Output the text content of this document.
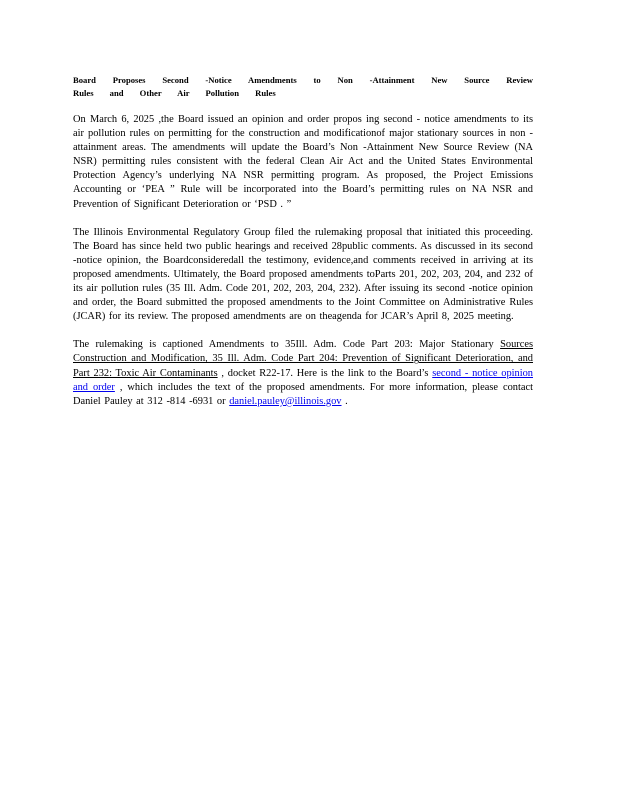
Board Proposes Second -Notice Amendments to Non -Attainment New Source Review Rules and Other Air Pollution Rules

On March 6, 2025 ,the Board issued an opinion and order propos ing second - notice amendments to its air pollution rules on permitting for the construction and modificationof major stationary sources in non -attainment areas. The amendments will update the Board’s Non -Attainment New Source Review (NA NSR) permitting rules consistent with the federal Clean Air Act and the United States Environmental Protection Agency’s underlying NA NSR permitting program. As proposed, the Project Emissions Accounting or ‘PEA ” Rule will be incorporated into the Board’s permitting rules on NA NSR and Prevention of Significant Deterioration or ‘PSD . ”

The Illinois Environmental Regulatory Group filed the rulemaking proposal that initiated this proceeding. The Board has since held two public hearings and received 28public comments. As discussed in its second -notice opinion, the Boardconsideredall the testimony, evidence,and comments received in arriving at its proposed amendments. Ultimately, the Board proposed amendments toParts 201, 202, 203, 204, and 232 of its air pollution rules (35 Ill. Adm. Code 201, 202, 203, 204, 232). After issuing its second -notice opinion and order, the Board submitted the proposed amendments to the Joint Committee on Administrative Rules (JCAR) for its review. The proposed amendments are on theagenda for JCAR’s April 8, 2025 meeting.

The rulemaking is captioned Amendments to 35Ill. Adm. Code Part 203: Major Stationary Sources Construction and Modification, 35 Ill. Adm. Code Part 204: Prevention of Significant Deterioration, and Part 232: Toxic Air Contaminants , docket R22-17. Here is the link to the Board’s second - notice opinion and order , which includes the text of the proposed amendments. For more information, please contact Daniel Pauley at 312 -814 -6931 or daniel.pauley@illinois.gov .
